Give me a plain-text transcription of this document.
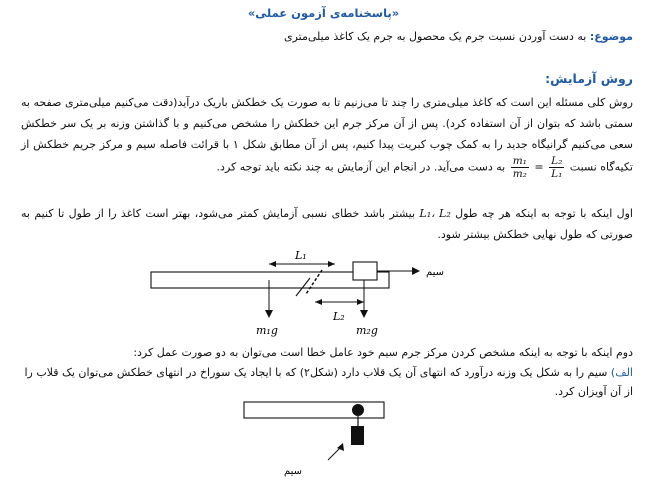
«پاسخنامه‌ی آزمون عملی»
موضوع: به دست آوردن نسبت جرم یک محصول به جرم یک کاغذ میلی‌متری
روش آزمایش:
روش کلی مسئله این است که کاغذ میلی‌متری را چند تا می‌زنیم تا به صورت یک خطکش باریک درآید(دقت می‌کنیم میلی‌متری صفحه به سمتی باشد که بتوان از آن استفاده کرد). پس از آن مرکز جرم این خطکش را مشخص می‌کنیم و با گذاشتن وزنه بر یک سر خطکش سعی می‌کنیم گرانیگاه جدید را به کمک چوب کبریت پیدا کنیم، پس از آن مطابق شکل ۱ با قرائت فاصله سیم و مرکز جریم خطکش از تکیه‌گاه نسبت
$\frac{\text{m₁}}{\text{m₂}} = \frac{\text{L₂}}{\text{L₁}}$
به دست می‌آید. در انجام این آزمایش به چند نکته باید توجه کرد.
اول اینکه با توجه به اینکه هر چه طول L₁، L₂ بیشتر باشد خطای نسبی آزمایش کمتر می‌شود، بهتر است کاغذ را از طول تا کنیم به صورتی که طول نهایی خطکش بیشتر شود.
سیم
L₁
L₂
m₁g	m₂g
دوم اینکه با توجه به اینکه مشخص کردن مرکز جرم سیم خود عامل خطا است می‌توان به دو صورت عمل کرد:
الف) سیم را به شکل یک وزنه درآورد که انتهای آن یک قلاب دارد (شکل۲) که با ایجاد یک سوراخ در انتهای خطکش می‌توان یک قلاب را از آن آویزان کرد.
سیم
